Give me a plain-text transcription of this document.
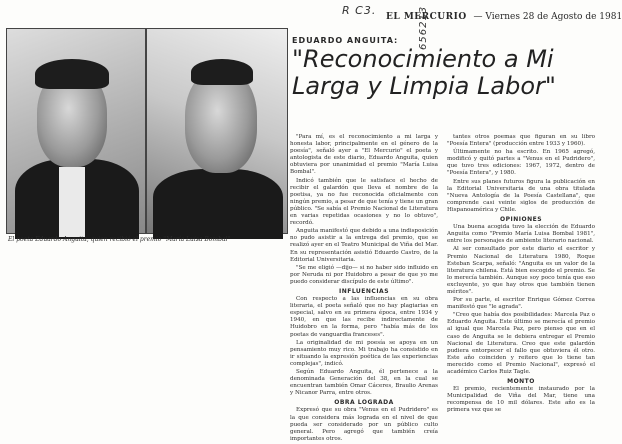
R C3.	656213
EL MERCURIO — Viernes 28 de Agosto de 1981
El poeta Eduardo Anguita, quien recibió el premio "María Luisa Bombal"
EDUARDO ANGUITA:
"Reconocimiento a Mi Larga y Limpia Labor"

"Para mí, es el reconocimiento a mi larga y honesta labor, principalmente en el género de la poesía", señaló ayer a "El Mercurio" el poeta y antologista de este diario, Eduardo Anguita, quien obtuviera por unanimidad el premio "María Luisa Bombal".

Indicó también que le satisface el hecho de recibir el galardón que lleva el nombre de la poetisa, ya no fue reconocida oficialmente con ningún premio, a pesar de que tenía y tiene un gran público. "Se sabía el Premio Nacional de Literatura en varias repetidas ocasiones y no lo obtuvo", recordó.

Anguita manifestó que debido a una indisposición no pudo asistir a la entrega del premio, que se realizó ayer en el Teatro Municipal de Viña del Mar. En su representación asistió Eduardo Castro, de la Editorial Universitaria.

"Se me eligió —dijo— si no haber sido influido en por Neruda ni por Huidobro a pesar de que yo me puedo considerar discípulo de este último".

INFLUENCIAS

Con respecto a las influencias en su obra literaria, el poeta señaló que no hay plagiarias en especial, salvo en su primera época, entre 1934 y 1940, en que las recibe indirectamente de Huidobro en la forma, pero "había más de los poetas de vanguardia franceses".

La originalidad de mi poesía se apoya en un pensamiento muy rico. Mi trabajo ha consistido en ir situando la expresión poética de las experiencias complejas", indicó.

Según Eduardo Anguita, él pertenece a la denominada Generación del 38, en la cual se encuentran también Omar Cáceres, Braulio Arenas y Nicanor Parra, entre otros.

OBRA LOGRADA

Expresó que su obra "Venus en el Pudridero" es la que considera más lograda en el nivel de que pueda ser considerado por un público culto general. Pero agregó que también creía importantes otros.

tantes otros poemas que figuran en su libro "Poesía Entera" (producción entre 1933 y 1960).

Últimamente no ha escrito. En 1965 agregó, modificó y quitó partes a "Venus en el Pudridero", que tuvo tres ediciones: 1967, 1972, dentro de "Poesía Entera", y 1980.

Entre sus planes futuros figura la publicación en la Editorial Universitaria de una obra titulada "Nueva Antología de la Poesía Castellana", que comprende casi veinte siglos de producción de Hispanoamérica y Chile.

OPINIONES

Una buena acogida tuvo la elección de Eduardo Anguita como "Premio María Luisa Bombal 1981", entre los personajes de ambiente literario nacional.

Al ser consultado por este diario el escritor y Premio Nacional de Literatura 1980, Roque Esteban Scarpa, señaló: "Anguita es un valor de la literatura chilena. Está bien escogido el premio. Se lo merecía también. Aunque soy poco tenía que eso excluyente, yo que hay otros que también tienen méritos".

Por su parte, el escritor Enrique Gómez Correa manifestó que "le agrada".

"Creo que había dos posibilidades: Marcela Paz o Eduardo Anguita. Este último se merecía el premio al igual que Marcela Paz, pero pienso que en el caso de Anguita se le debiera entregar el Premio Nacional de Literatura. Creo que este galardón pudiera entorpecer el fallo que obtuviera él otro. Este año coinciden y reitero que lo tiene tan merecido como el Premio Nacional", expresó el académico Carlos Ruiz Tagle.

MONTO

El premio, recientemente instaurado por la Municipalidad de Viña del Mar, tiene una recompensa de 10 mil dólares. Este año es la primera vez que se
